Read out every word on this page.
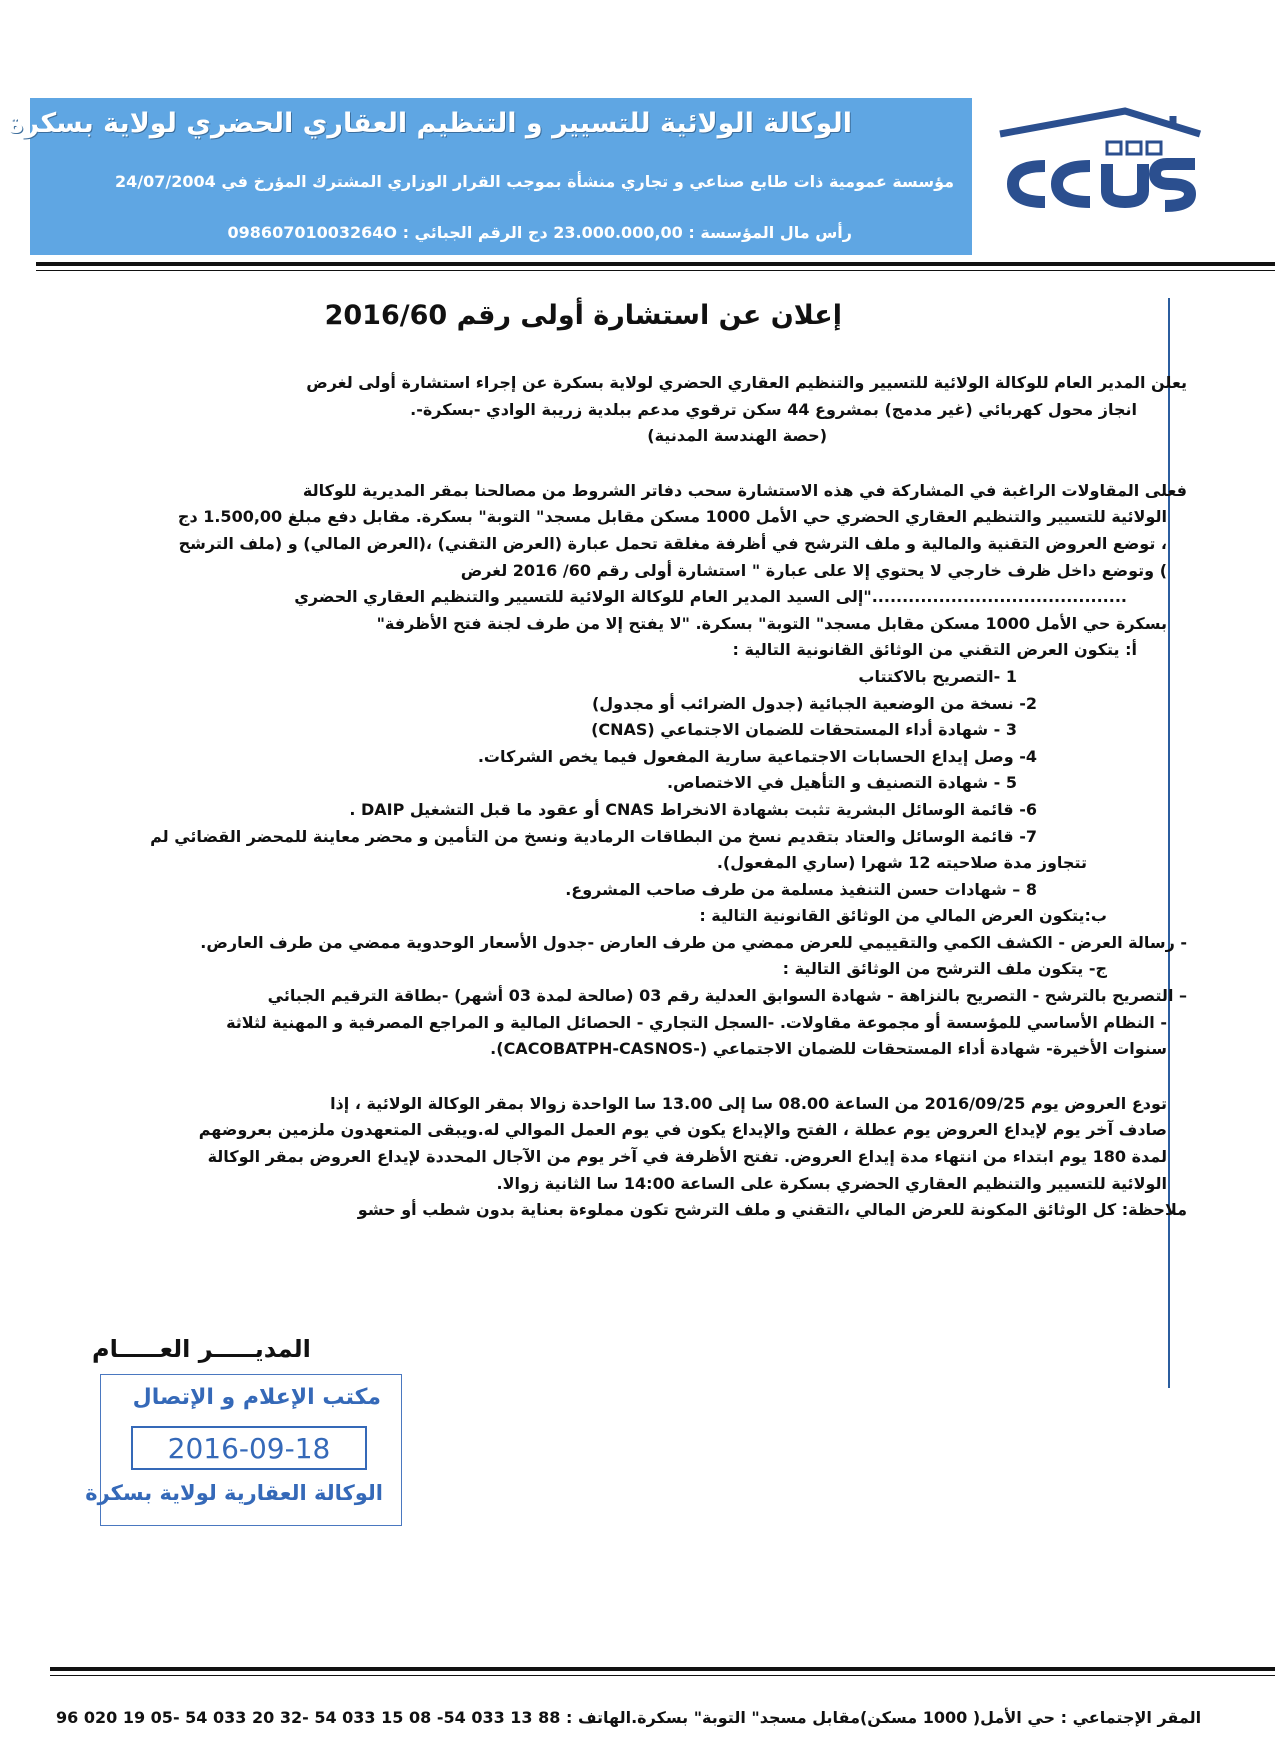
الوكالة الولائية للتسيير و التنظيم العقاري الحضري لولاية بسكرة
مؤسسة عمومية ذات طابع صناعي و تجاري منشأة بموجب القرار الوزاري المشترك المؤرخ في 24/07/2004
رأس مال المؤسسة : 23.000.000,00 دج الرقم الجبائي : 09860701003264O
ᘓᘓᑌᓍ
إعلان عن استشارة أولى رقم 2016/60

يعلن المدير العام للوكالة الولائية للتسيير والتنظيم العقاري الحضري لولاية بسكرة عن إجراء استشارة أولى لغرض

انجاز محول كهربائي (غير مدمج) بمشروع 44 سكن ترقوي مدعم ببلدية زريبة الوادي -بسكرة-.

(حصة الهندسة المدنية)

فعلى المقاولات الراغبة في المشاركة في هذه الاستشارة سحب دفاتر الشروط من مصالحنا بمقر المديرية للوكالة

الولائية للتسيير والتنظيم العقاري الحضري حي الأمل 1000 مسكن مقابل مسجد" التوبة" بسكرة. مقابل دفع مبلغ 1.500,00 دج

، توضع العروض التقنية والمالية و ملف الترشح في أظرفة مغلقة تحمل عبارة (العرض التقني) ،(العرض المالي) و (ملف الترشح

) وتوضع داخل ظرف خارجي لا يحتوي إلا على عبارة " استشارة أولى رقم 60/ 2016 لغرض

.........................................."إلى السيد المدير العام للوكالة الولائية للتسيير والتنظيم العقاري الحضري

بسكرة حي الأمل 1000 مسكن مقابل مسجد" التوبة" بسكرة. "لا يفتح إلا من طرف لجنة فتح الأظرفة"

أ: يتكون العرض التقني من الوثائق القانونية التالية :

1 -التصريح بالاكتتاب

2- نسخة من الوضعية الجبائية (جدول الضرائب أو مجدول)

3 - شهادة أداء المستحقات للضمان الاجتماعي (CNAS)

4- وصل إيداع الحسابات الاجتماعية سارية المفعول فيما يخص الشركات.

5 - شهادة التصنيف و التأهيل في الاختصاص.

6- قائمة الوسائل البشرية تثبت بشهادة الانخراط CNAS أو عقود ما قبل التشغيل DAIP .

7- قائمة الوسائل والعتاد بتقديم نسخ من البطاقات الرمادية ونسخ من التأمين و محضر معاينة للمحضر القضائي لم

تتجاوز مدة صلاحيته 12 شهرا (ساري المفعول).

8 – شهادات حسن التنفيذ مسلمة من طرف صاحب المشروع.

ب:يتكون العرض المالي من الوثائق القانونية التالية :

- رسالة العرض - الكشف الكمي والتقييمي للعرض ممضي من طرف العارض -جدول الأسعار الوحدوية ممضي من طرف العارض.

ج- يتكون ملف الترشح من الوثائق التالية :

– التصريح بالترشح - التصريح بالنزاهة - شهادة السوابق العدلية رقم 03 (صالحة لمدة 03 أشهر) -بطاقة الترقيم الجبائي

- النظام الأساسي للمؤسسة أو مجموعة مقاولات. -السجل التجاري - الحصائل المالية و المراجع المصرفية و المهنية لثلاثة

سنوات الأخيرة- شهادة أداء المستحقات للضمان الاجتماعي (-CACOBATPH-CASNOS).

تودع العروض يوم 2016/09/25 من الساعة 08.00 سا إلى 13.00 سا الواحدة زوالا بمقر الوكالة الولائية ، إذا

صادف آخر يوم لإيداع العروض يوم عطلة ، الفتح والإيداع يكون في يوم العمل الموالي له.ويبقى المتعهدون ملزمين بعروضهم

لمدة 180 يوم ابتداء من انتهاء مدة إيداع العروض. تفتح الأظرفة في آخر يوم من الآجال المحددة لإيداع العروض بمقر الوكالة

الولائية للتسيير والتنظيم العقاري الحضري بسكرة على الساعة 14:00 سا الثانية زوالا.

ملاحظة: كل الوثائق المكونة للعرض المالي ،التقني و ملف الترشح تكون مملوءة بعناية بدون شطب أو حشو

المديـــــر العـــــام
مكتب الإعلام و الإتصال
2016-09-18
الوكالة العقارية لولاية بسكرة
المقر الإجتماعي : حي الأمل( 1000 مسكن)مقابل مسجد" التوبة" بسكرة.الهاتف : 88 13 033 54- 08 15 033 54 -32 20 033 54 -05 19 020 96
